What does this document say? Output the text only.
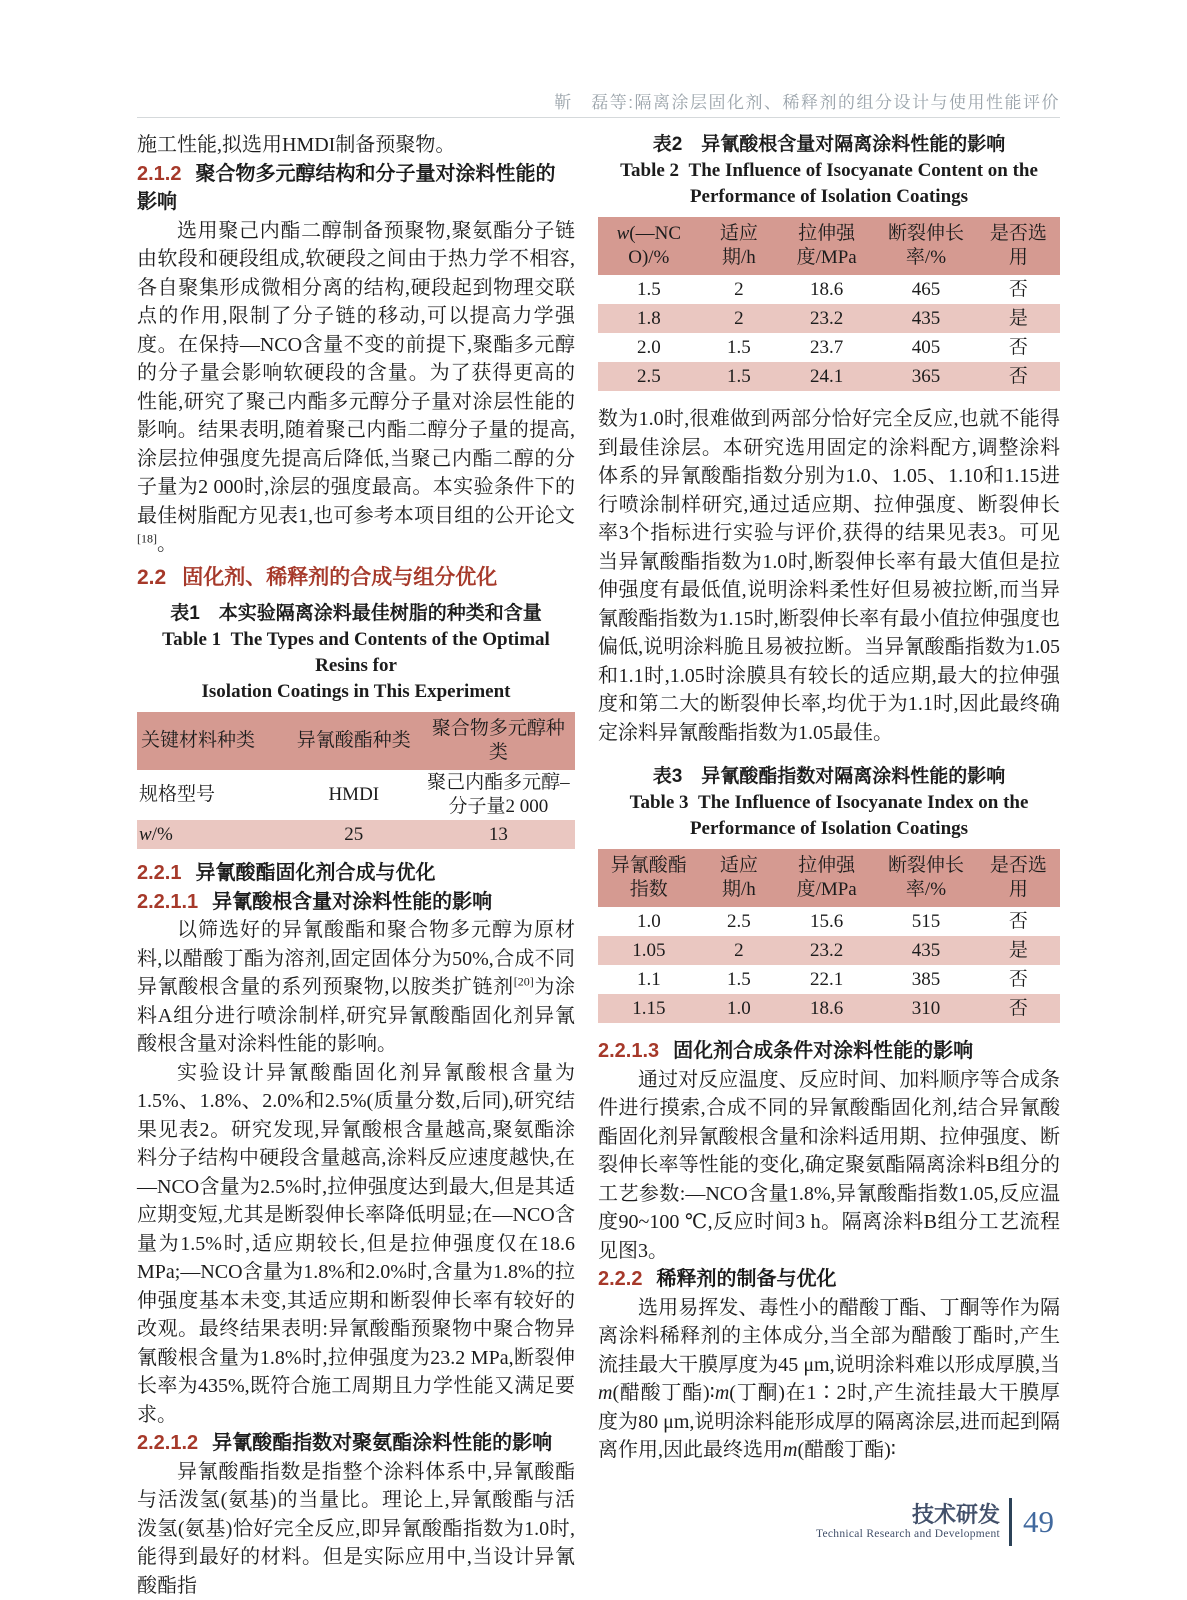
靳　磊等:隔离涂层固化剂、稀释剂的组分设计与使用性能评价

施工性能,拟选用HMDI制备预聚物。

2.1.2 聚合物多元醇结构和分子量对涂料性能的影响

选用聚己内酯二醇制备预聚物,聚氨酯分子链由软段和硬段组成,软硬段之间由于热力学不相容,各自聚集形成微相分离的结构,硬段起到物理交联点的作用,限制了分子链的移动,可以提高力学强度。在保持—NCO含量不变的前提下,聚酯多元醇的分子量会影响软硬段的含量。为了获得更高的性能,研究了聚己内酯多元醇分子量对涂层性能的影响。结果表明,随着聚己内酯二醇分子量的提高,涂层拉伸强度先提高后降低,当聚己内酯二醇的分子量为2 000时,涂层的强度最高。本实验条件下的最佳树脂配方见表1,也可参考本项目组的公开论文[18]。

2.2 固化剂、稀释剂的合成与组分优化
表1　本实验隔离涂料最佳树脂的种类和含量
Table 1  The Types and Contents of the Optimal Resins for
Isolation Coatings in This Experiment
关键材料种类	异氰酸酯种类	聚合物多元醇种类
规格型号	HMDI	聚己内酯多元醇–分子量2 000
w/%	25	13
2.2.1 异氰酸酯固化剂合成与优化
2.2.1.1 异氰酸根含量对涂料性能的影响

以筛选好的异氰酸酯和聚合物多元醇为原材料,以醋酸丁酯为溶剂,固定固体分为50%,合成不同异氰酸根含量的系列预聚物,以胺类扩链剂[20]为涂料A组分进行喷涂制样,研究异氰酸酯固化剂异氰酸根含量对涂料性能的影响。

实验设计异氰酸酯固化剂异氰酸根含量为1.5%、1.8%、2.0%和2.5%(质量分数,后同),研究结果见表2。研究发现,异氰酸根含量越高,聚氨酯涂料分子结构中硬段含量越高,涂料反应速度越快,在—NCO含量为2.5%时,拉伸强度达到最大,但是其适应期变短,尤其是断裂伸长率降低明显;在—NCO含量为1.5%时,适应期较长,但是拉伸强度仅在18.6 MPa;—NCO含量为1.8%和2.0%时,含量为1.8%的拉伸强度基本未变,其适应期和断裂伸长率有较好的改观。最终结果表明:异氰酸酯预聚物中聚合物异氰酸根含量为1.8%时,拉伸强度为23.2 MPa,断裂伸长率为435%,既符合施工周期且力学性能又满足要求。

2.2.1.2 异氰酸酯指数对聚氨酯涂料性能的影响

异氰酸酯指数是指整个涂料体系中,异氰酸酯与活泼氢(氨基)的当量比。理论上,异氰酸酯与活泼氢(氨基)恰好完全反应,即异氰酸酯指数为1.0时,能得到最好的材料。但是实际应用中,当设计异氰酸酯指

表2　异氰酸根含量对隔离涂料性能的影响
Table 2  The Influence of Isocyanate Content on the
Performance of Isolation Coatings
w(—NCO)/%	适应期/h	拉伸强度/MPa	断裂伸长率/%	是否选用
1.5	2	18.6	465	否
1.8	2	23.2	435	是
2.0	1.5	23.7	405	否
2.5	1.5	24.1	365	否

数为1.0时,很难做到两部分恰好完全反应,也就不能得到最佳涂层。本研究选用固定的涂料配方,调整涂料体系的异氰酸酯指数分别为1.0、1.05、1.10和1.15进行喷涂制样研究,通过适应期、拉伸强度、断裂伸长率3个指标进行实验与评价,获得的结果见表3。可见当异氰酸酯指数为1.0时,断裂伸长率有最大值但是拉伸强度有最低值,说明涂料柔性好但易被拉断,而当异氰酸酯指数为1.15时,断裂伸长率有最小值拉伸强度也偏低,说明涂料脆且易被拉断。当异氰酸酯指数为1.05和1.1时,1.05时涂膜具有较长的适应期,最大的拉伸强度和第二大的断裂伸长率,均优于为1.1时,因此最终确定涂料异氰酸酯指数为1.05最佳。

表3　异氰酸酯指数对隔离涂料性能的影响
Table 3  The Influence of Isocyanate Index on the
Performance of Isolation Coatings
异氰酸酯指数	适应期/h	拉伸强度/MPa	断裂伸长率/%	是否选用
1.0	2.5	15.6	515	否
1.05	2	23.2	435	是
1.1	1.5	22.1	385	否
1.15	1.0	18.6	310	否
2.2.1.3 固化剂合成条件对涂料性能的影响

通过对反应温度、反应时间、加料顺序等合成条件进行摸索,合成不同的异氰酸酯固化剂,结合异氰酸酯固化剂异氰酸根含量和涂料适用期、拉伸强度、断裂伸长率等性能的变化,确定聚氨酯隔离涂料B组分的工艺参数:—NCO含量1.8%,异氰酸酯指数1.05,反应温度90~100 ℃,反应时间3 h。隔离涂料B组分工艺流程见图3。

2.2.2 稀释剂的制备与优化

选用易挥发、毒性小的醋酸丁酯、丁酮等作为隔离涂料稀释剂的主体成分,当全部为醋酸丁酯时,产生流挂最大干膜厚度为45 μm,说明涂料难以形成厚膜,当m(醋酸丁酯)∶m(丁酮)在1∶2时,产生流挂最大干膜厚度为80 μm,说明涂料能形成厚的隔离涂层,进而起到隔离作用,因此最终选用m(醋酸丁酯)∶

技术研发
Technical Research and Development 49
